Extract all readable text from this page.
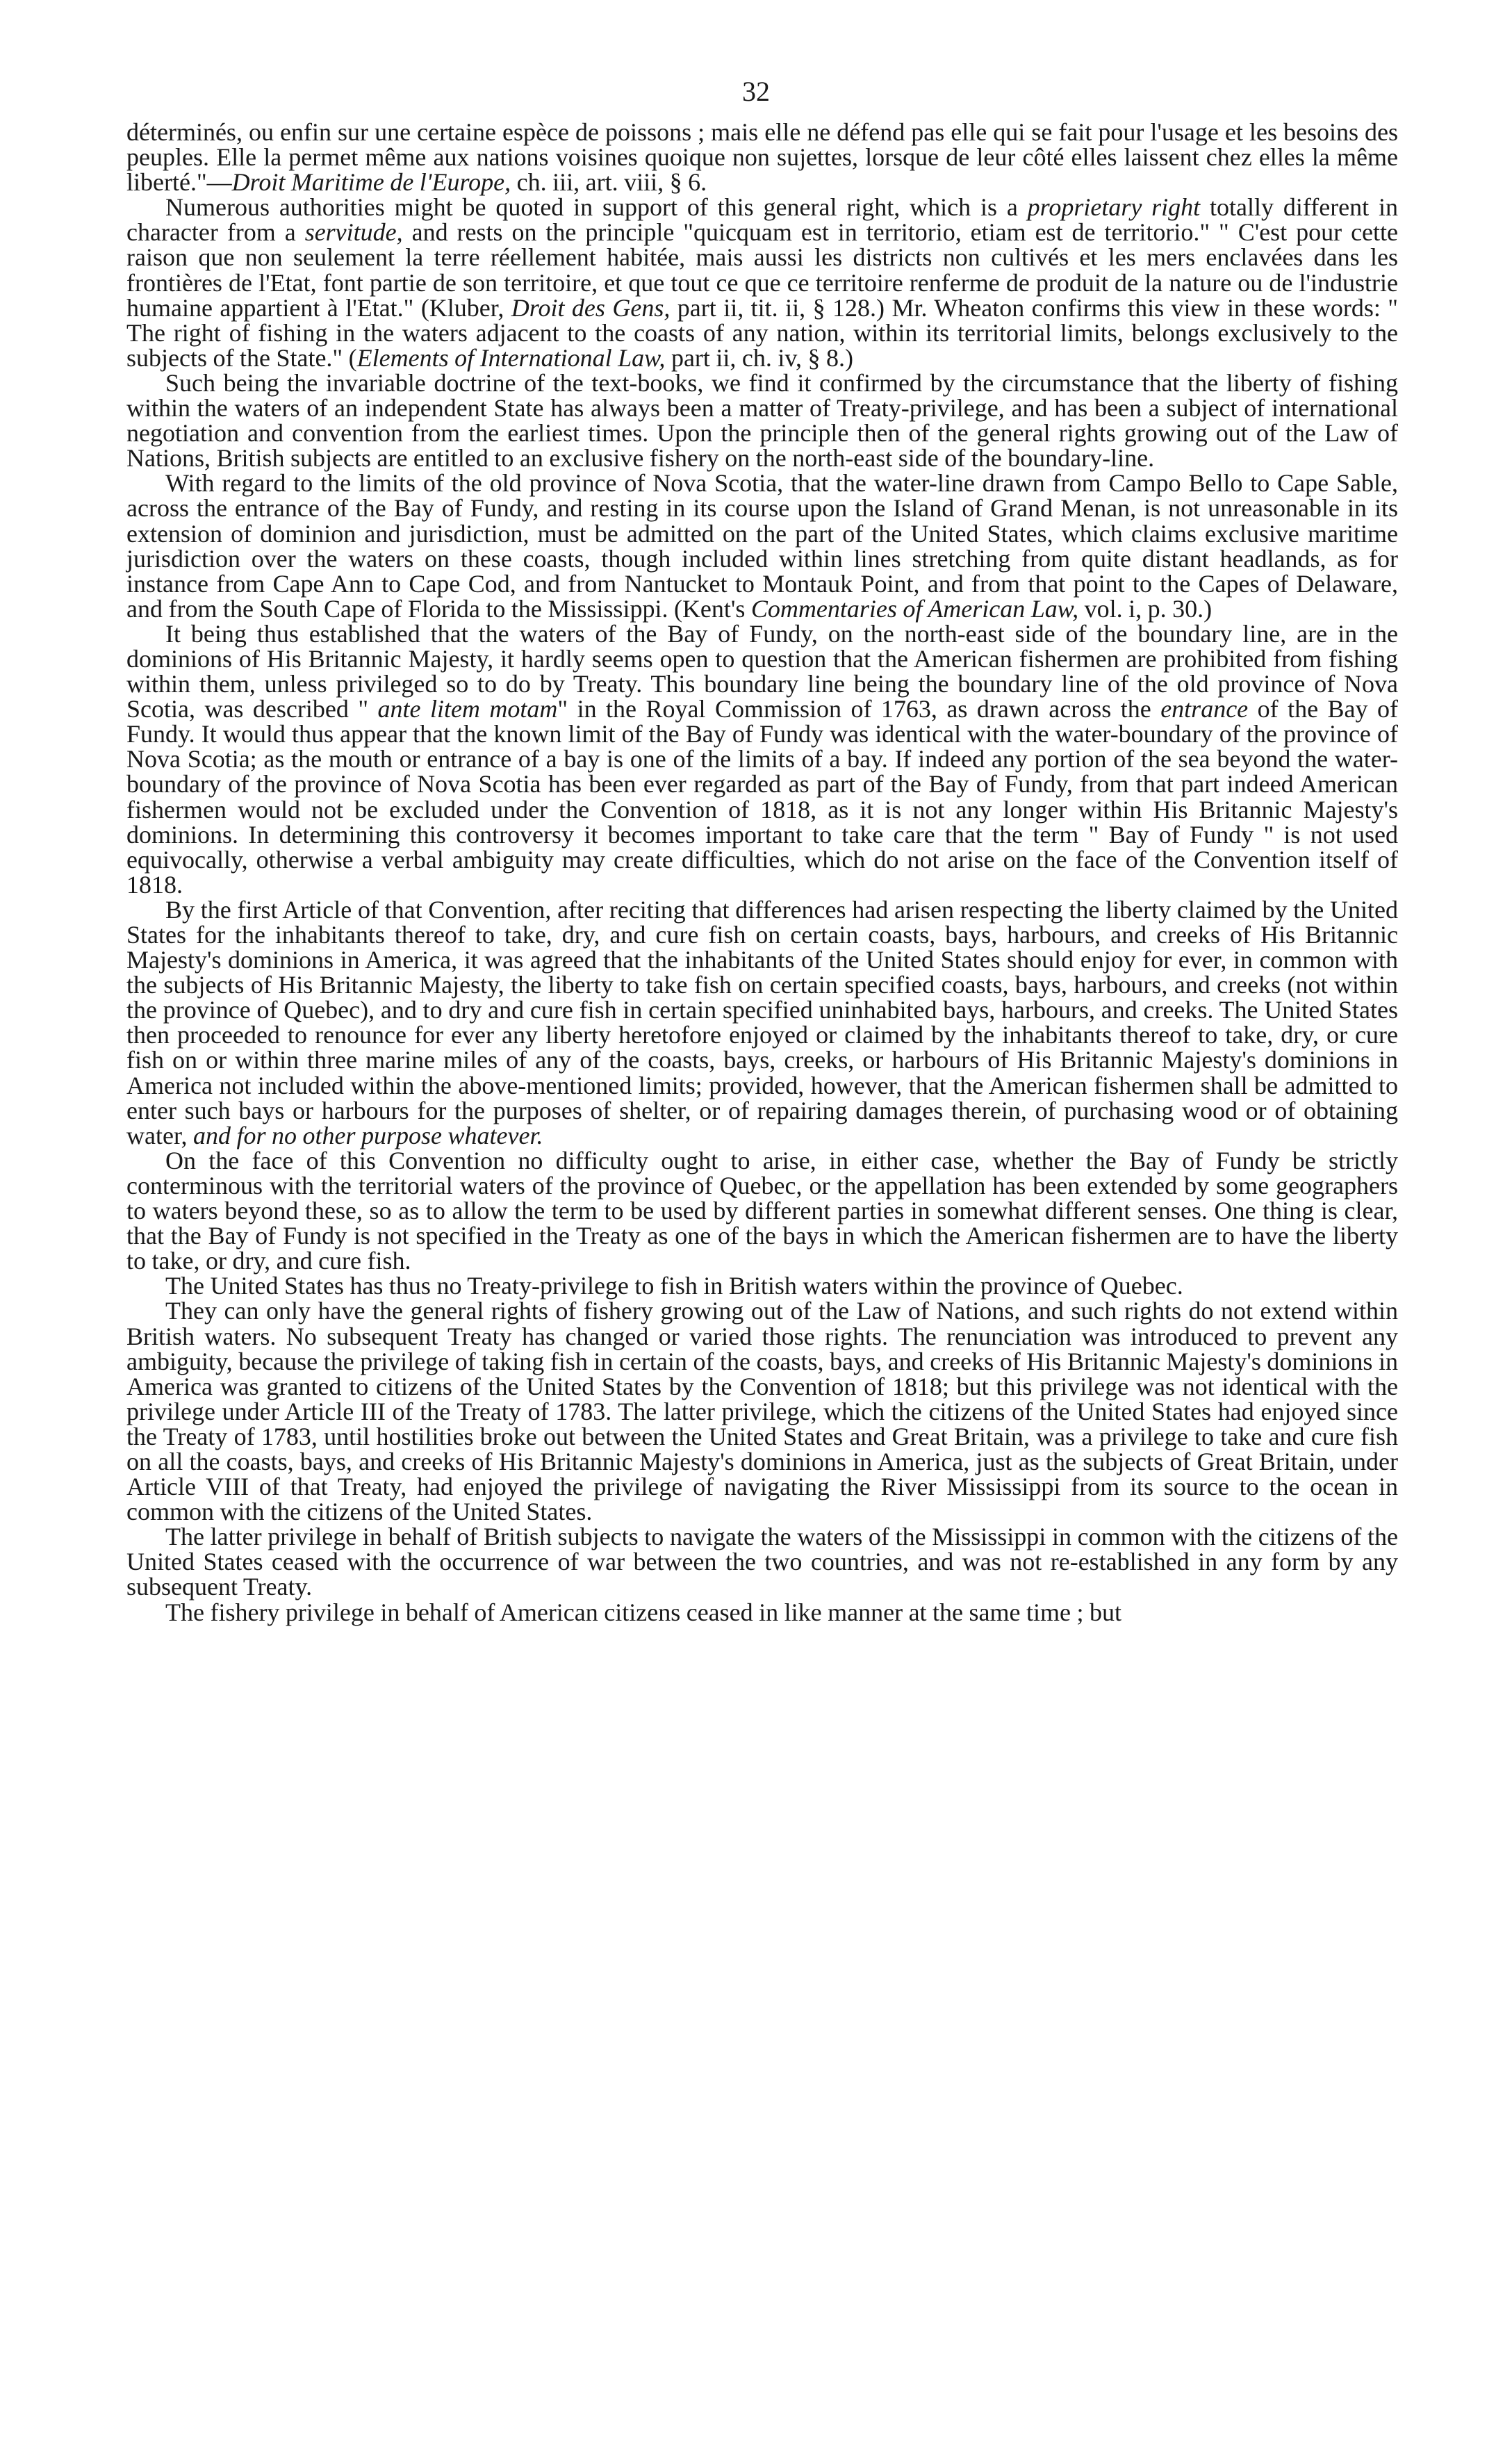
32

déterminés, ou enfin sur une certaine espèce de poissons ; mais elle ne défend pas elle qui se fait pour l'usage et les besoins des peuples. Elle la permet même aux nations voisines quoique non sujettes, lorsque de leur côté elles laissent chez elles la même liberté."—Droit Maritime de l'Europe, ch. iii, art. viii, § 6.

Numerous authorities might be quoted in support of this general right, which is a proprietary right totally different in character from a servitude, and rests on the principle "quicquam est in territorio, etiam est de territorio." " C'est pour cette raison que non seulement la terre réellement habitée, mais aussi les districts non cultivés et les mers enclavées dans les frontières de l'Etat, font partie de son territoire, et que tout ce que ce territoire renferme de produit de la nature ou de l'industrie humaine appartient à l'Etat." (Kluber, Droit des Gens, part ii, tit. ii, § 128.) Mr. Wheaton confirms this view in these words: " The right of fishing in the waters adjacent to the coasts of any nation, within its territorial limits, belongs exclusively to the subjects of the State." (Elements of International Law, part ii, ch. iv, § 8.)

Such being the invariable doctrine of the text-books, we find it confirmed by the circumstance that the liberty of fishing within the waters of an independent State has always been a matter of Treaty-privilege, and has been a subject of international negotiation and convention from the earliest times. Upon the principle then of the general rights growing out of the Law of Nations, British subjects are entitled to an exclusive fishery on the north-east side of the boundary-line.

With regard to the limits of the old province of Nova Scotia, that the water-line drawn from Campo Bello to Cape Sable, across the entrance of the Bay of Fundy, and resting in its course upon the Island of Grand Menan, is not unreasonable in its extension of dominion and jurisdiction, must be admitted on the part of the United States, which claims exclusive maritime jurisdiction over the waters on these coasts, though included within lines stretching from quite distant headlands, as for instance from Cape Ann to Cape Cod, and from Nantucket to Montauk Point, and from that point to the Capes of Delaware, and from the South Cape of Florida to the Mississippi. (Kent's Commentaries of American Law, vol. i, p. 30.)

It being thus established that the waters of the Bay of Fundy, on the north-east side of the boundary line, are in the dominions of His Britannic Majesty, it hardly seems open to question that the American fishermen are prohibited from fishing within them, unless privileged so to do by Treaty. This boundary line being the boundary line of the old province of Nova Scotia, was described " ante litem motam" in the Royal Commission of 1763, as drawn across the entrance of the Bay of Fundy. It would thus appear that the known limit of the Bay of Fundy was identical with the water-boundary of the province of Nova Scotia; as the mouth or entrance of a bay is one of the limits of a bay. If indeed any portion of the sea beyond the water-boundary of the province of Nova Scotia has been ever regarded as part of the Bay of Fundy, from that part indeed American fishermen would not be excluded under the Convention of 1818, as it is not any longer within His Britannic Majesty's dominions. In determining this controversy it becomes important to take care that the term " Bay of Fundy " is not used equivocally, otherwise a verbal ambiguity may create difficulties, which do not arise on the face of the Convention itself of 1818.

By the first Article of that Convention, after reciting that differences had arisen respecting the liberty claimed by the United States for the inhabitants thereof to take, dry, and cure fish on certain coasts, bays, harbours, and creeks of His Britannic Majesty's dominions in America, it was agreed that the inhabitants of the United States should enjoy for ever, in common with the subjects of His Britannic Majesty, the liberty to take fish on certain specified coasts, bays, harbours, and creeks (not within the province of Quebec), and to dry and cure fish in certain specified uninhabited bays, harbours, and creeks. The United States then proceeded to renounce for ever any liberty heretofore enjoyed or claimed by the inhabitants thereof to take, dry, or cure fish on or within three marine miles of any of the coasts, bays, creeks, or harbours of His Britannic Majesty's dominions in America not included within the above-mentioned limits; provided, however, that the American fishermen shall be admitted to enter such bays or harbours for the purposes of shelter, or of repairing damages therein, of purchasing wood or of obtaining water, and for no other purpose whatever.

On the face of this Convention no difficulty ought to arise, in either case, whether the Bay of Fundy be strictly conterminous with the territorial waters of the province of Quebec, or the appellation has been extended by some geographers to waters beyond these, so as to allow the term to be used by different parties in somewhat different senses. One thing is clear, that the Bay of Fundy is not specified in the Treaty as one of the bays in which the American fishermen are to have the liberty to take, or dry, and cure fish.

The United States has thus no Treaty-privilege to fish in British waters within the province of Quebec.

They can only have the general rights of fishery growing out of the Law of Nations, and such rights do not extend within British waters. No subsequent Treaty has changed or varied those rights. The renunciation was introduced to prevent any ambiguity, because the privilege of taking fish in certain of the coasts, bays, and creeks of His Britannic Majesty's dominions in America was granted to citizens of the United States by the Convention of 1818; but this privilege was not identical with the privilege under Article III of the Treaty of 1783. The latter privilege, which the citizens of the United States had enjoyed since the Treaty of 1783, until hostilities broke out between the United States and Great Britain, was a privilege to take and cure fish on all the coasts, bays, and creeks of His Britannic Majesty's dominions in America, just as the subjects of Great Britain, under Article VIII of that Treaty, had enjoyed the privilege of navigating the River Mississippi from its source to the ocean in common with the citizens of the United States.

The latter privilege in behalf of British subjects to navigate the waters of the Mississippi in common with the citizens of the United States ceased with the occurrence of war between the two countries, and was not re-established in any form by any subsequent Treaty.

The fishery privilege in behalf of American citizens ceased in like manner at the same time ; but
